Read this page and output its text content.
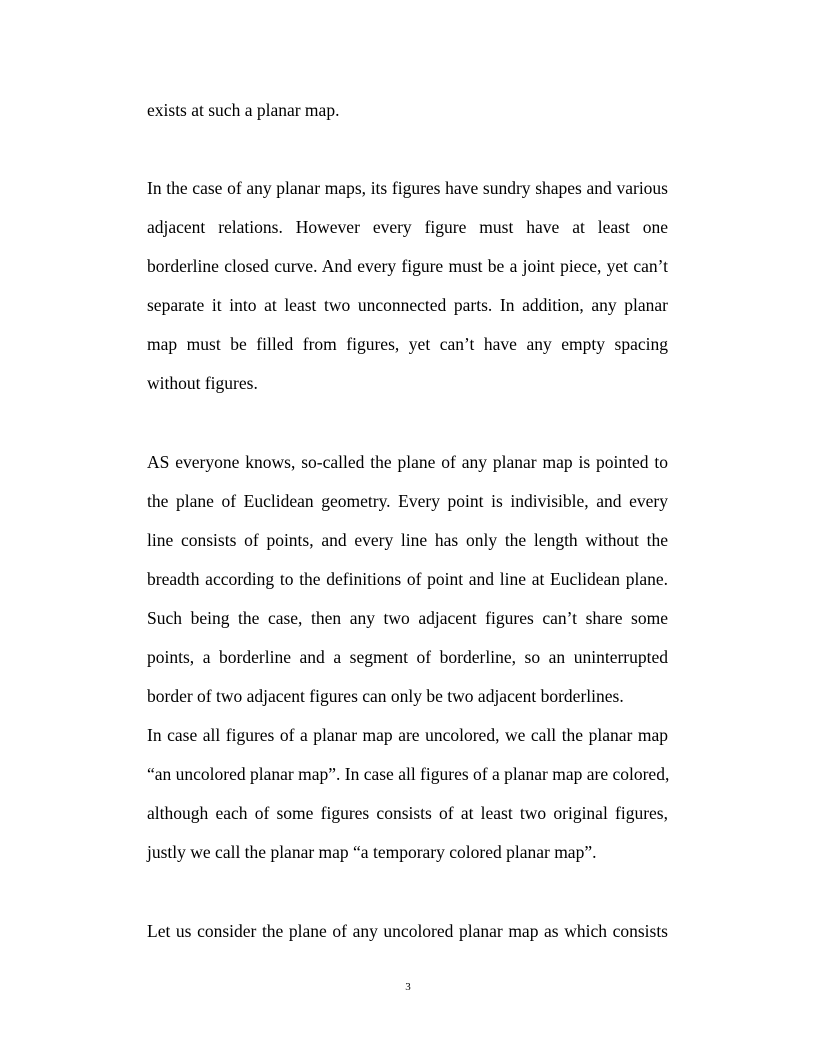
exists at such a planar map.
In the case of any planar maps, its figures have sundry shapes and various
adjacent relations. However every figure must have at least one
borderline closed curve. And every figure must be a joint piece, yet can’t
separate it into at least two unconnected parts. In addition, any planar
map must be filled from figures, yet can’t have any empty spacing
without figures.
AS everyone knows, so-called the plane of any planar map is pointed to
the plane of Euclidean geometry. Every point is indivisible, and every
line consists of points, and every line has only the length without the
breadth according to the definitions of point and line at Euclidean plane.
Such being the case, then any two adjacent figures can’t share some
points, a borderline and a segment of borderline, so an uninterrupted
border of two adjacent figures can only be two adjacent borderlines.
In case all figures of a planar map are uncolored, we call the planar map
“an uncolored planar map”. In case all figures of a planar map are colored,
although each of some figures consists of at least two original figures,
justly we call the planar map “a temporary colored planar map”.
Let us consider the plane of any uncolored planar map as which consists
3
